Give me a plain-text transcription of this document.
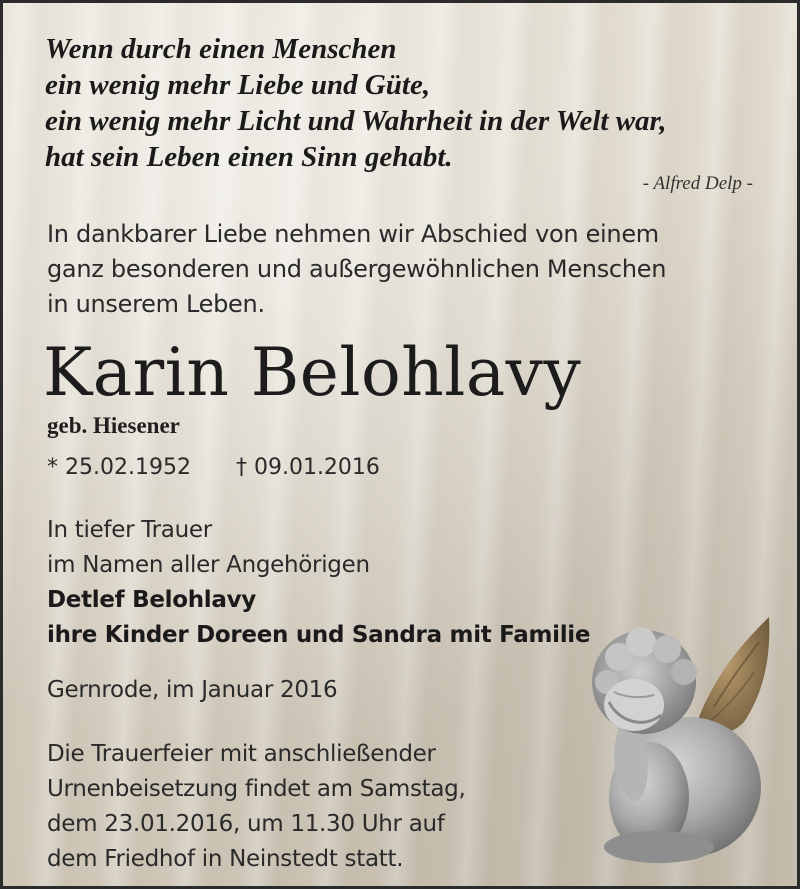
Wenn durch einen Menschen
ein wenig mehr Liebe und Güte,
ein wenig mehr Licht und Wahrheit in der Welt war,
hat sein Leben einen Sinn gehabt.
- Alfred Delp -
In dankbarer Liebe nehmen wir Abschied von einem
ganz besonderen und außergewöhnlichen Menschen
in unserem Leben.
Karin Belohlavy
geb. Hiesener
* 25.02.1952 † 09.01.2016
In tiefer Trauer
im Namen aller Angehörigen
Detlef Belohlavy
ihre Kinder Doreen und Sandra mit Familie
Gernrode, im Januar 2016
Die Trauerfeier mit anschließender
Urnenbeisetzung findet am Samstag,
dem 23.01.2016, um 11.30 Uhr auf
dem Friedhof in Neinstedt statt.
